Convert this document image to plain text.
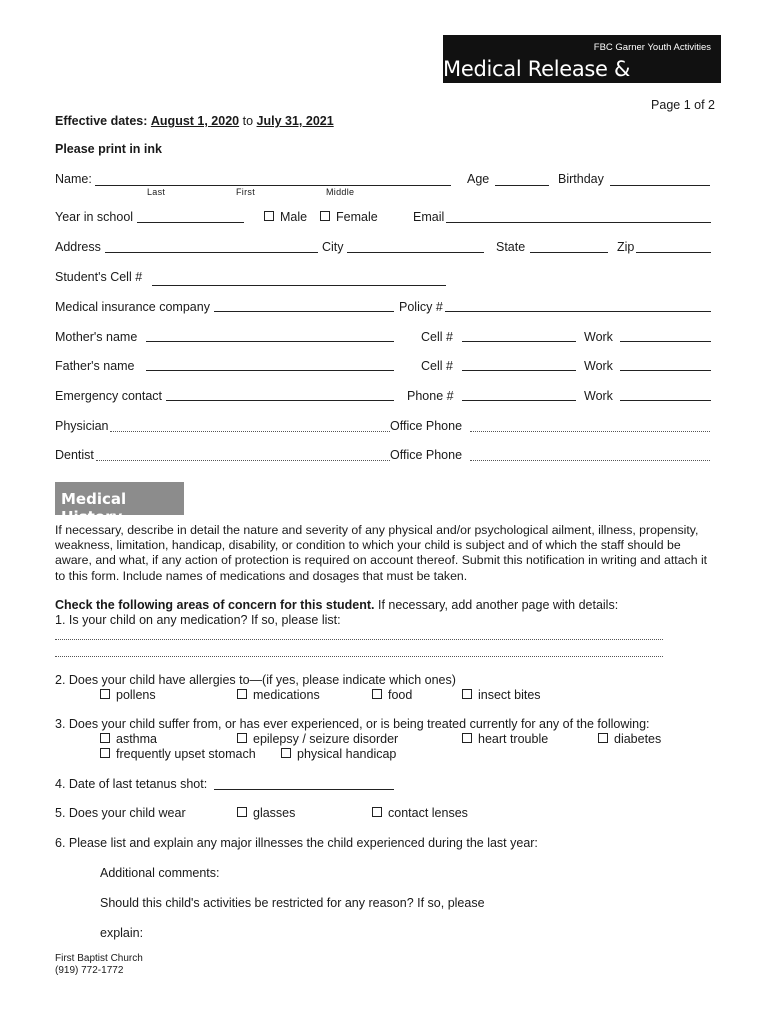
FBC Garner Youth Activities
Medical Release & Permission	Page 1 of 2
Effective dates: August 1, 2020 to July 31, 2021
Please print in ink
Name:
Last	First	Middle
Age	Birthday
Year in school	Male	Female	Email
Address	City	State	Zip
Student's Cell #
Medical insurance company	Policy #
Mother's name	Cell #	Work
Father's name	Cell #	Work
Emergency contact	Phone #	Work
Physician	Office Phone
Dentist	Office Phone
Medical History
If necessary, describe in detail the nature and severity of any physical and/or psychological ailment, illness, propensity, weakness, limitation, handicap, disability, or condition to which your child is subject and of which the staff should be aware, and what, if any action of protection is required on account thereof. Submit this notification in writing and attach it to this form. Include names of medications and dosages that must be taken.
Check the following areas of concern for this student. If necessary, add another page with details:
1. Is your child on any medication? If so, please list:
2. Does your child have allergies to—(if yes, please indicate which ones)
pollens	medications	food	insect bites
3. Does your child suffer from, or has ever experienced, or is being treated currently for any of the following:
asthma	epilepsy / seizure disorder	heart trouble	diabetes
frequently upset stomach	physical handicap
4. Date of last tetanus shot:
5. Does your child wear	glasses	contact lenses
6. Please list and explain any major illnesses the child experienced during the last year:
Additional comments:
Should this child's activities be restricted for any reason? If so, please
explain:
First Baptist Church
(919) 772-1772
